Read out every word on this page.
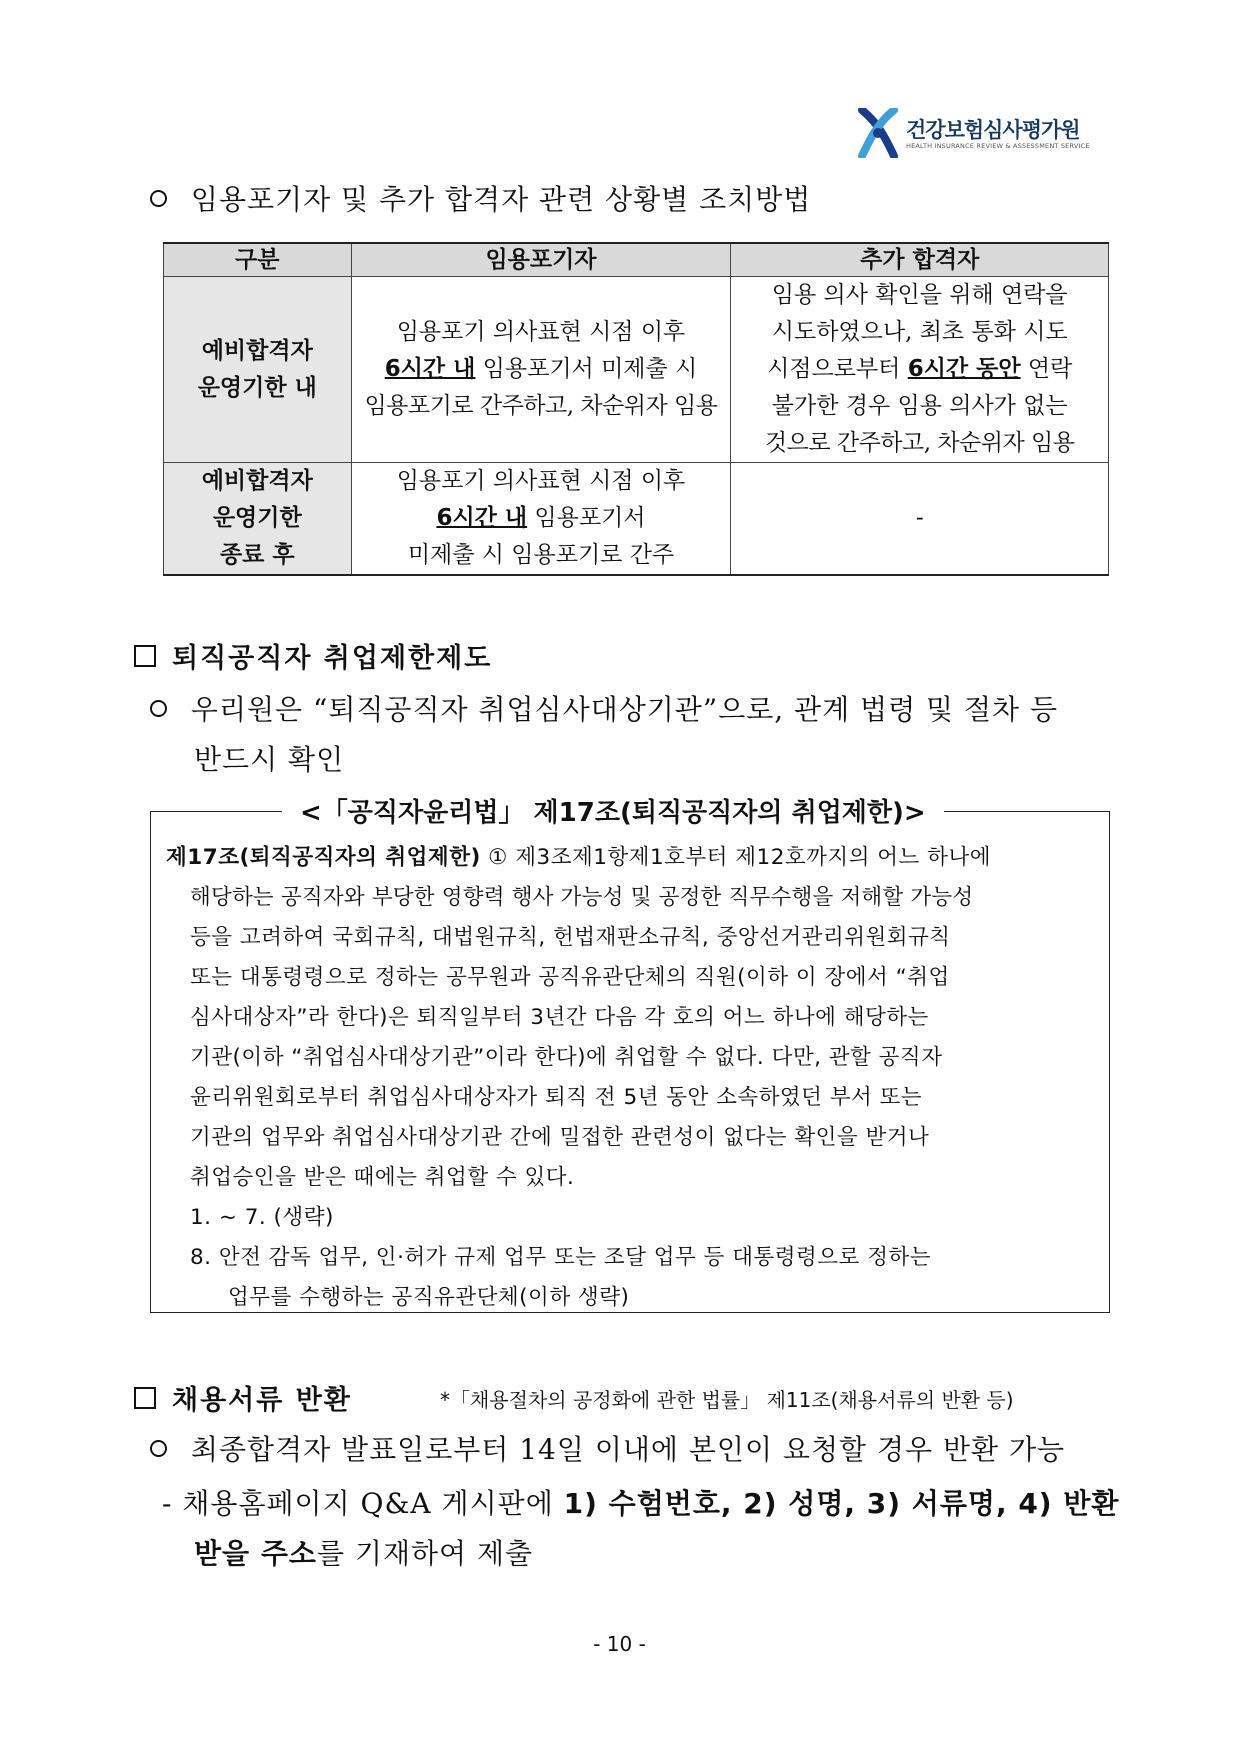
건강보험심사평가원
HEALTH INSURANCE REVIEW & ASSESSMENT SERVICE
임용포기자 및 추가 합격자 관련 상황별 조치방법
구분	임용포기자	추가 합격자

예비합격자
운영기한 내	임용포기 의사표현 시점 이후
6시간 내 임용포기서 미제출 시
임용포기로 간주하고, 차순위자 임용	임용 의사 확인을 위해 연락을
시도하였으나, 최초 통화 시도
시점으로부터 6시간 동안 연락
불가한 경우 임용 의사가 없는
것으로 간주하고, 차순위자 임용

예비합격자
운영기한
종료 후	임용포기 의사표현 시점 이후
6시간 내 임용포기서
미제출 시 임용포기로 간주	-
퇴직공직자 취업제한제도
우리원은 “퇴직공직자 취업심사대상기관”으로, 관계 법령 및 절차 등
반드시 확인
<「공직자윤리법」 제17조(퇴직공직자의 취업제한)>
제17조(퇴직공직자의 취업제한) ① 제3조제1항제1호부터 제12호까지의 어느 하나에
해당하는 공직자와 부당한 영향력 행사 가능성 및 공정한 직무수행을 저해할 가능성
등을 고려하여 국회규칙, 대법원규칙, 헌법재판소규칙, 중앙선거관리위원회규칙
또는 대통령령으로 정하는 공무원과 공직유관단체의 직원(이하 이 장에서 “취업
심사대상자”라 한다)은 퇴직일부터 3년간 다음 각 호의 어느 하나에 해당하는
기관(이하 “취업심사대상기관”이라 한다)에 취업할 수 없다. 다만, 관할 공직자
윤리위원회로부터 취업심사대상자가 퇴직 전 5년 동안 소속하였던 부서 또는
기관의 업무와 취업심사대상기관 간에 밀접한 관련성이 없다는 확인을 받거나
취업승인을 받은 때에는 취업할 수 있다.
1. ~ 7. (생략)
8. 안전 감독 업무, 인·허가 규제 업무 또는 조달 업무 등 대통령령으로 정하는
업무를 수행하는 공직유관단체(이하 생략)
채용서류 반환	*「채용절차의 공정화에 관한 법률」 제11조(채용서류의 반환 등)
최종합격자 발표일로부터 14일 이내에 본인이 요청할 경우 반환 가능
- 채용홈페이지 Q&A 게시판에 1) 수험번호, 2) 성명, 3) 서류명, 4) 반환
받을 주소를 기재하여 제출
- 10 -
